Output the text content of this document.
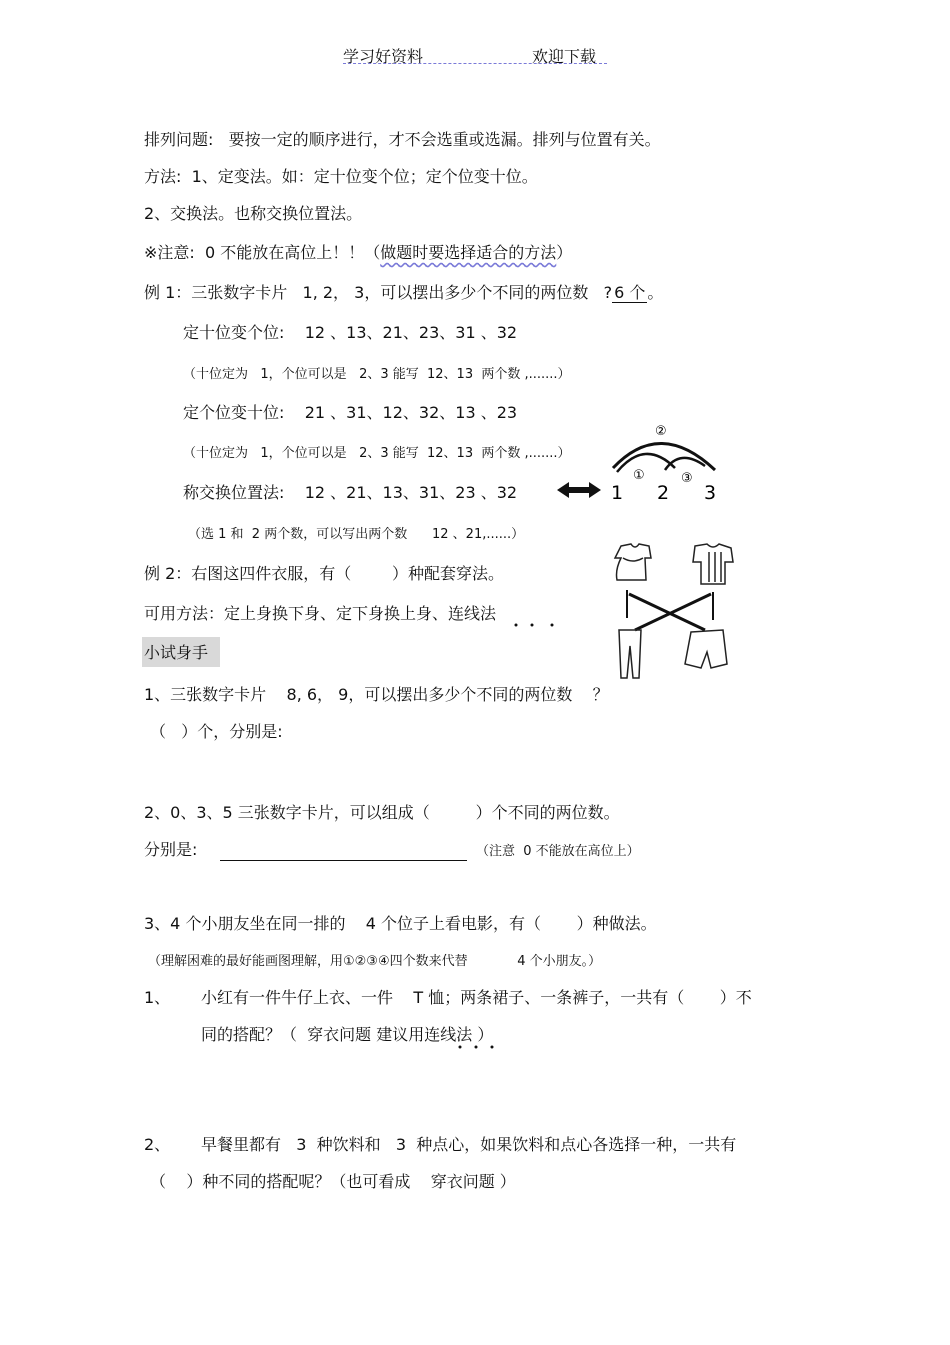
学习好资料	欢迎下载
排列问题:   要按一定的顺序进行，才不会选重或选漏。排列与位置有关。
方法:  1、定变法。如：定十位变个位；定个位变十位。
2、交换法。也称交换位置法。
※注意:  0 不能放在高位上！！（做题时要选择适合的方法）
例 1：三张数字卡片   1, 2， 3，可以摆出多少个不同的两位数   ? 6 个 。
定十位变个位:    12 、13、21、23、31 、32
（十位定为   1，个位可以是   2、3 能写  12、13  两个数 ,.......）
定个位变十位:    21 、31、12、32、13 、23
（十位定为   1，个位可以是   2、3 能写  12、13  两个数 ,.......）
称交换位置法:    12 、21、13、31、23 、32
（选 1 和  2 两个数，可以写出两个数      12 、21,......）
②
①	③
1 2 3
例 2：右图这四件衣服，有（        ）种配套穿法。
可用方法：定上身换下身、定下身换上身、连线法
小试身手
1、三张数字卡片    8, 6， 9，可以摆出多少个不同的两位数    ？
（   ）个，分别是:
2、0、3、5 三张数字卡片，可以组成（         ）个不同的两位数。
分别是:	（注意  0 不能放在高位上）
3、4 个小朋友坐在同一排的    4 个位子上看电影，有（       ）种做法。
（理解困难的最好能画图理解，用①②③④四个数来代替            4 个小朋友。）
1、 小红有一件牛仔上衣、一件    T 恤；两条裙子、一条裤子，一共有（       ）不
同的搭配？（  穿衣问题 建议用连线法 ）
2、 早餐里都有   3  种饮料和   3  种点心，如果饮料和点心各选择一种，一共有
（    ）种不同的搭配呢？（也可看成    穿衣问题 ）
